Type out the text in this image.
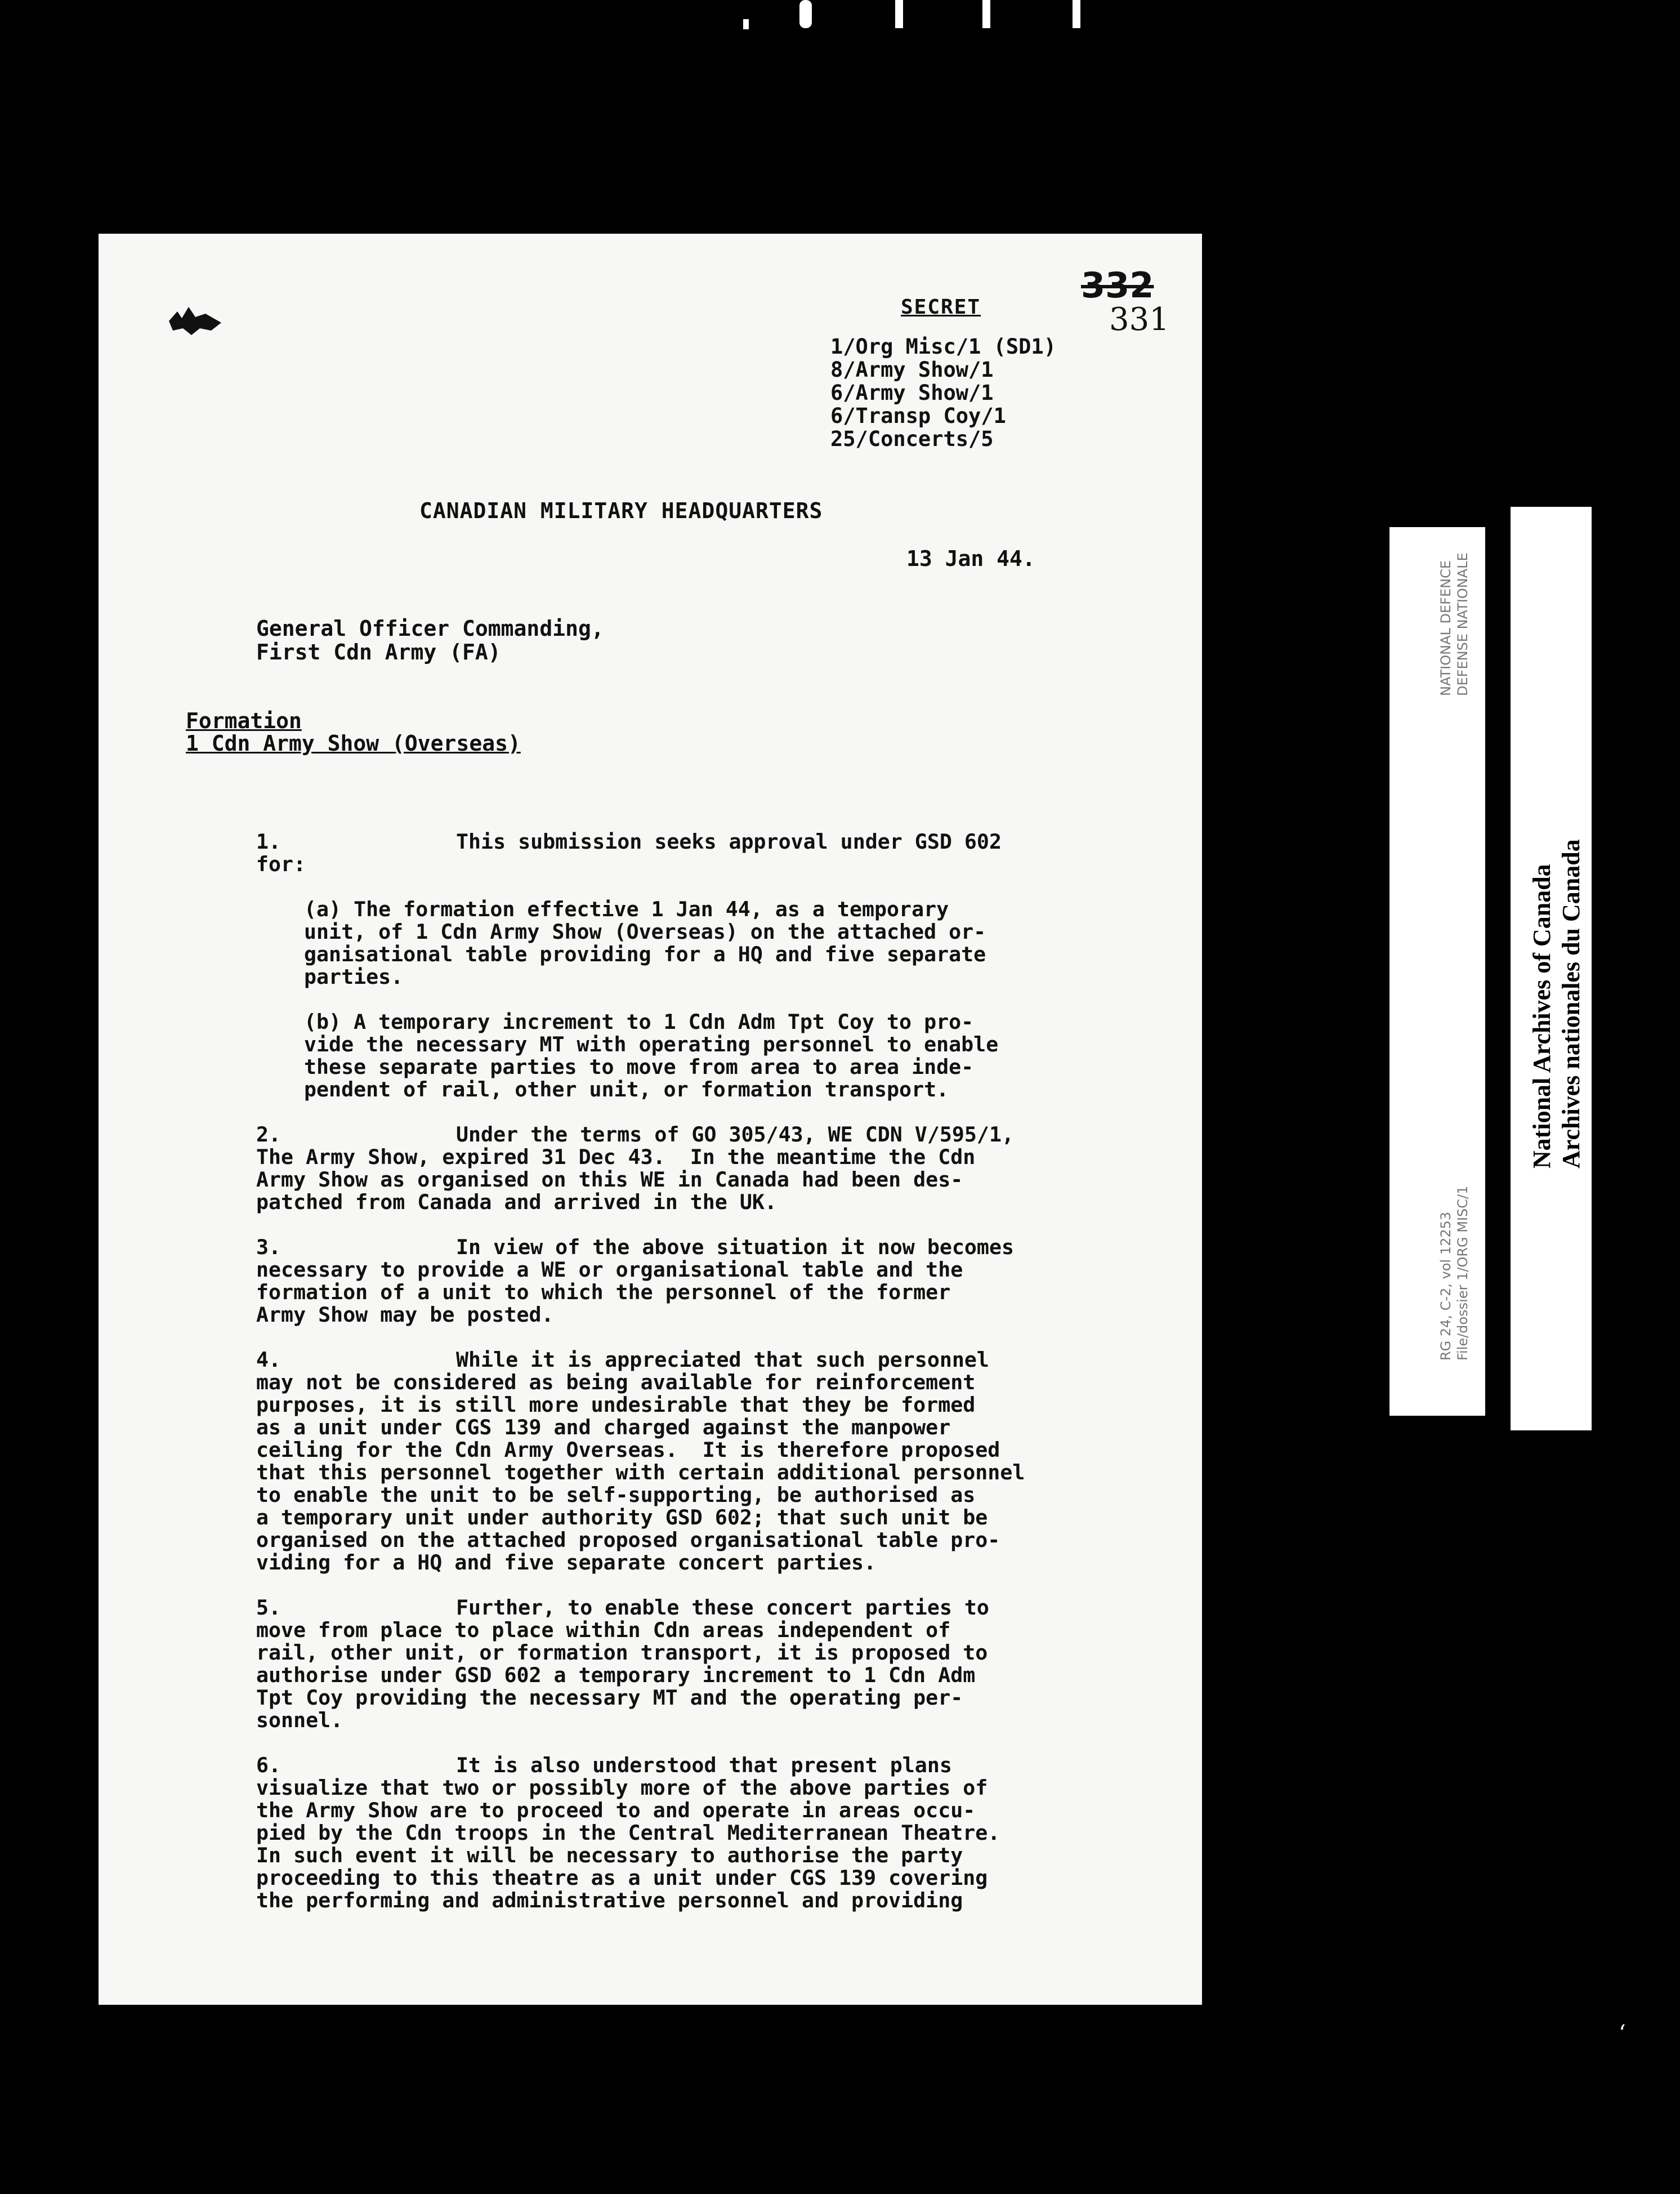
SECRET
332
331
1/Org Misc/1 (SD1)
8/Army Show/1
6/Army Show/1
6/Transp Coy/1
25/Concerts/5
CANADIAN MILITARY HEADQUARTERS
13 Jan 44.
General Officer Commanding,
First Cdn Army (FA)
Formation
1 Cdn Army Show (Overseas)
1.	This submission seeks approval under GSD 602
for:
(a) The formation effective 1 Jan 44, as a temporary
unit, of 1 Cdn Army Show (Overseas) on the attached or-
ganisational table providing for a HQ and five separate
parties.
(b) A temporary increment to 1 Cdn Adm Tpt Coy to pro-
vide the necessary MT with operating personnel to enable
these separate parties to move from area to area inde-
pendent of rail, other unit, or formation transport.
2.	Under the terms of GO 305/43, WE CDN V/595/1,
The Army Show, expired 31 Dec 43.  In the meantime the Cdn
Army Show as organised on this WE in Canada had been des-
patched from Canada and arrived in the UK.
3.	In view of the above situation it now becomes
necessary to provide a WE or organisational table and the
formation of a unit to which the personnel of the former
Army Show may be posted.
4.	While it is appreciated that such personnel
may not be considered as being available for reinforcement
purposes, it is still more undesirable that they be formed
as a unit under CGS 139 and charged against the manpower
ceiling for the Cdn Army Overseas.  It is therefore proposed
that this personnel together with certain additional personnel
to enable the unit to be self-supporting, be authorised as
a temporary unit under authority GSD 602; that such unit be
organised on the attached proposed organisational table pro-
viding for a HQ and five separate concert parties.
5.	Further, to enable these concert parties to
move from place to place within Cdn areas independent of
rail, other unit, or formation transport, it is proposed to
authorise under GSD 602 a temporary increment to 1 Cdn Adm
Tpt Coy providing the necessary MT and the operating per-
sonnel.
6.	It is also understood that present plans
visualize that two or possibly more of the above parties of
the Army Show are to proceed to and operate in areas occu-
pied by the Cdn troops in the Central Mediterranean Theatre.
In such event it will be necessary to authorise the party
proceeding to this theatre as a unit under CGS 139 covering
the performing and administrative personnel and providing
RG 24, C-2, vol 12253 File/dossier 1/ORG MISC/1
NATIONAL DEFENCE DEFENSE NATIONALE
National Archives of Canada Archives nationales du Canada
‘
